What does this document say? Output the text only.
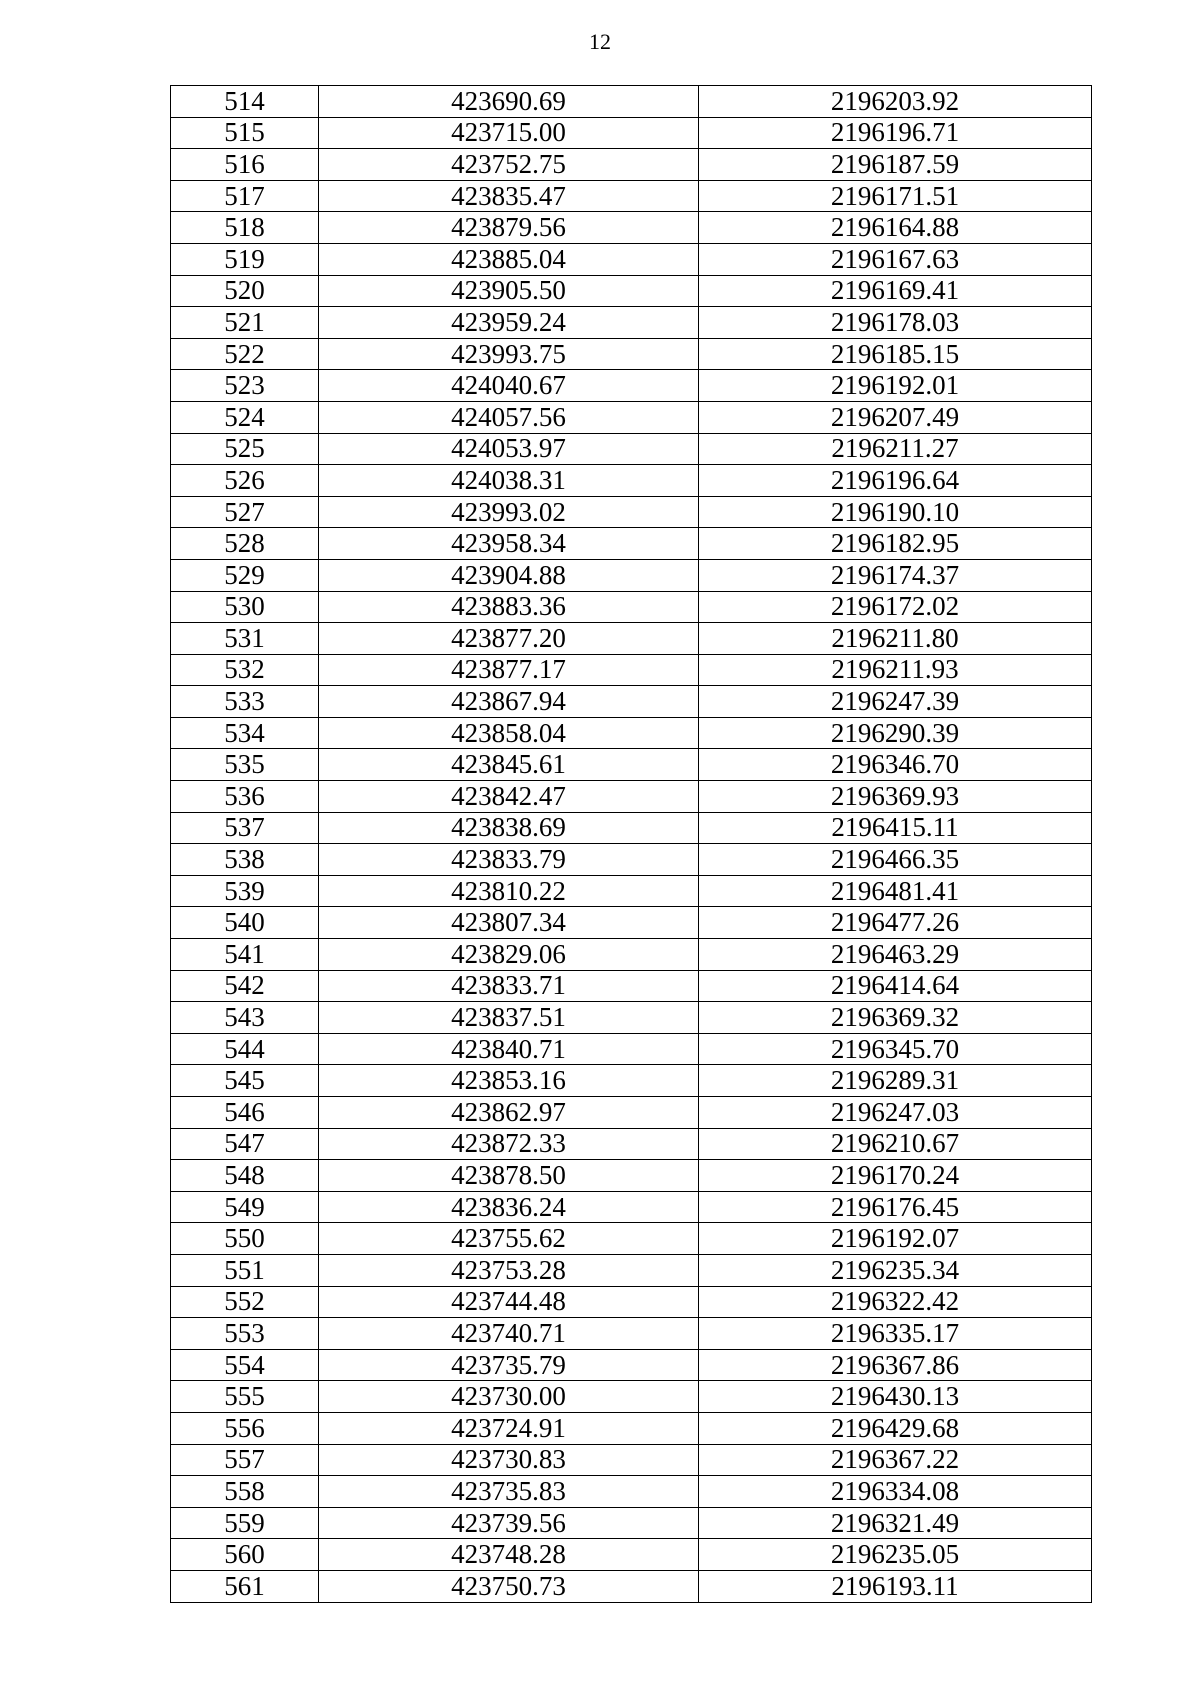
12
514	423690.69	2196203.92
515	423715.00	2196196.71
516	423752.75	2196187.59
517	423835.47	2196171.51
518	423879.56	2196164.88
519	423885.04	2196167.63
520	423905.50	2196169.41
521	423959.24	2196178.03
522	423993.75	2196185.15
523	424040.67	2196192.01
524	424057.56	2196207.49
525	424053.97	2196211.27
526	424038.31	2196196.64
527	423993.02	2196190.10
528	423958.34	2196182.95
529	423904.88	2196174.37
530	423883.36	2196172.02
531	423877.20	2196211.80
532	423877.17	2196211.93
533	423867.94	2196247.39
534	423858.04	2196290.39
535	423845.61	2196346.70
536	423842.47	2196369.93
537	423838.69	2196415.11
538	423833.79	2196466.35
539	423810.22	2196481.41
540	423807.34	2196477.26
541	423829.06	2196463.29
542	423833.71	2196414.64
543	423837.51	2196369.32
544	423840.71	2196345.70
545	423853.16	2196289.31
546	423862.97	2196247.03
547	423872.33	2196210.67
548	423878.50	2196170.24
549	423836.24	2196176.45
550	423755.62	2196192.07
551	423753.28	2196235.34
552	423744.48	2196322.42
553	423740.71	2196335.17
554	423735.79	2196367.86
555	423730.00	2196430.13
556	423724.91	2196429.68
557	423730.83	2196367.22
558	423735.83	2196334.08
559	423739.56	2196321.49
560	423748.28	2196235.05
561	423750.73	2196193.11
